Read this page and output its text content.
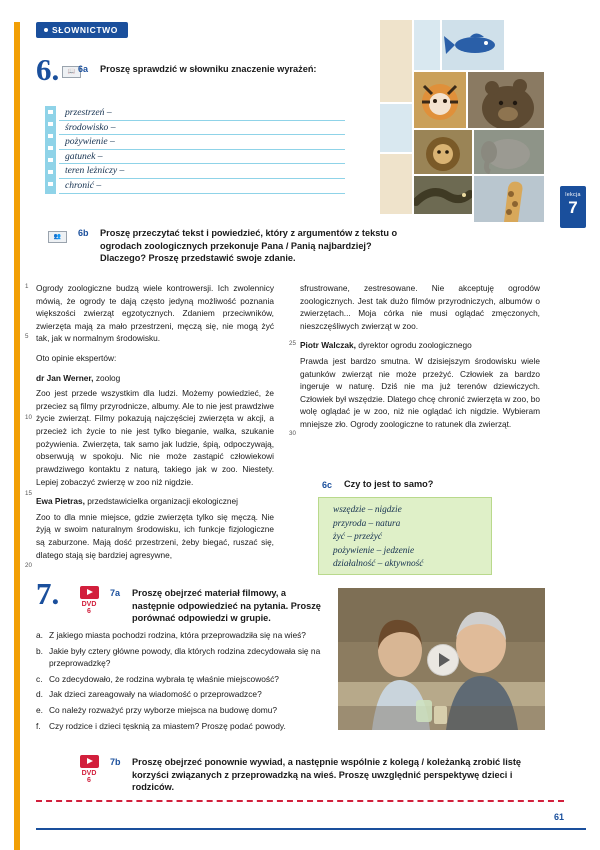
SŁOWNICTWO
6.	📖 6a Proszę sprawdzić w słowniku znaczenie wyrażeń:
przestrzeń –
środowisko –
pożywienie –
gatunek –
teren leżniczy –
chronić –
lekcja
7
👥	6b Proszę przeczytać tekst i powiedzieć, który z argumentów z tekstu o ogrodach zoologicznych przekonuje Pana / Panią najbardziej? Dlaczego? Proszę przedstawić swoje zdanie.
1
5

Ogrody zoologiczne budzą wiele kontrowersji. Ich zwolennicy mówią, że ogrody te dają często jedyną możliwość poznania większości zwierząt egzotycznych. Zdaniem przeciwników, zwierzęta mają za mało przestrzeni, męczą się, nie mogą żyć tak, jak w normalnym środowisku.

Oto opinie ekspertów:

dr Jan Werner, zoolog

10
15

Zoo jest przede wszystkim dla ludzi. Możemy powiedzieć, że przeciez są filmy przyrodnicze, albumy. Ale to nie jest prawdziwe życie zwierząt. Filmy pokazują najczęściej zwierzęta w akcji, a przecież ich życie to nie jest tylko bieganie, walka, szukanie pożywienia. Zwierzęta, tak samo jak ludzie, śpią, odpoczywają, obserwują w spokoju. Nic nie może zastąpić człowiekowi prawdziwego kontaktu z naturą, takiego jak w zoo. Niestety. Lepiej zobaczyć zwierzę w zoo niż nigdzie.

Ewa Pietras, przedstawicielka organizacji ekologicznej

20

Zoo to dla mnie miejsce, gdzie zwierzęta tylko się męczą. Nie żyją w swoim naturalnym środowisku, ich funkcje fizjologiczne są zaburzone. Mają dość przestrzeni, żeby biegać, ruszać się, dlatego stają się bardziej agresywne,

sfrustrowane, zestresowane. Nie akceptuję ogrodów zoologicznych. Jest tak dużo filmów przyrodniczych, albumów o zwierzętach... Moja córka nie musi oglądać zmęczonych, nieszczęśliwych zwierząt w zoo.

25 Piotr Walczak, dyrektor ogrodu zoologicznego
30

Prawda jest bardzo smutna. W dzisiejszym środowisku wiele gatunków zwierząt nie może przeżyć. Człowiek za bardzo ingeruje w naturę. Dziś nie ma już terenów dziewiczych. Człowiek był wszędzie. Dlatego chcę chronić zwierzęta w zoo, bo wolę oglądać je w zoo, niż nie oglądać ich nigdzie. Wybieram mniejsze zło. Ogrody zoologiczne to ratunek dla zwierząt.

6c Czy to jest to samo?
wszędzie – nigdzie
przyroda – natura
żyć – przeżyć
pożywienie – jedzenie
działalność – aktywność
7.	DVD
6
7a Proszę obejrzeć materiał filmowy, a następnie odpowiedzieć na pytania. Proszę porównać odpowiedzi w grupie.
a. Z jakiego miasta pochodzi rodzina, która przeprowadziła się na wieś?
b. Jakie były cztery główne powody, dla których rodzina zdecydowała się na przeprowadzkę?
c. Co zdecydowało, że rodzina wybrała tę właśnie miejscowość?
d. Jak dzieci zareagowały na wiadomość o przeprowadzce?
e. Co należy rozważyć przy wyborze miejsca na budowę domu?
f. Czy rodzice i dzieci tęsknią za miastem? Proszę podać powody.
DVD
6
7b Proszę obejrzeć ponownie wywiad, a następnie wspólnie z kolegą / koleżanką zrobić listę korzyści związanych z przeprowadzką na wieś. Proszę uwzględnić perspektywę dzieci i rodziców.
61
